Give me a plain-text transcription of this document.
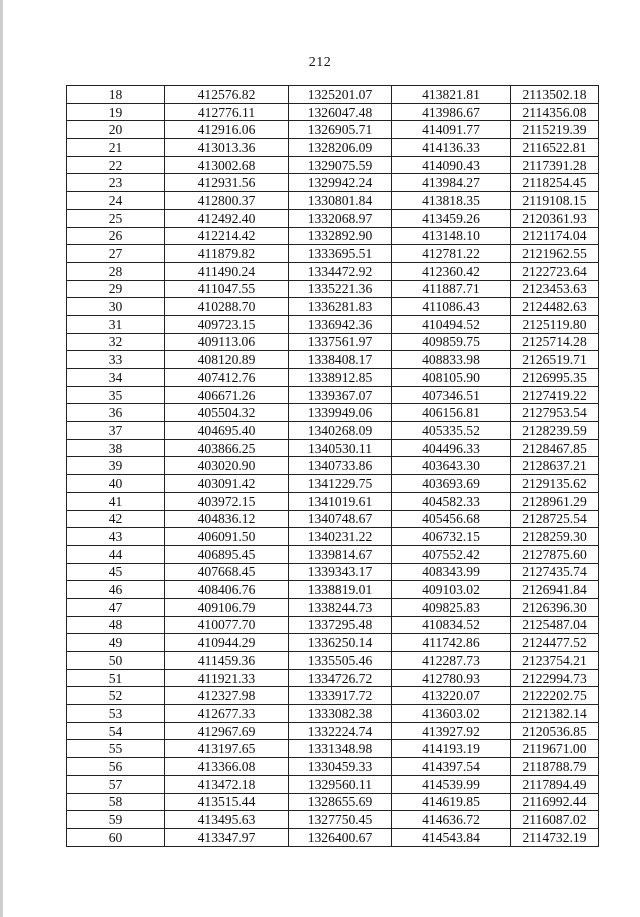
212
18	412576.82	1325201.07	413821.81	2113502.18
19	412776.11	1326047.48	413986.67	2114356.08
20	412916.06	1326905.71	414091.77	2115219.39
21	413013.36	1328206.09	414136.33	2116522.81
22	413002.68	1329075.59	414090.43	2117391.28
23	412931.56	1329942.24	413984.27	2118254.45
24	412800.37	1330801.84	413818.35	2119108.15
25	412492.40	1332068.97	413459.26	2120361.93
26	412214.42	1332892.90	413148.10	2121174.04
27	411879.82	1333695.51	412781.22	2121962.55
28	411490.24	1334472.92	412360.42	2122723.64
29	411047.55	1335221.36	411887.71	2123453.63
30	410288.70	1336281.83	411086.43	2124482.63
31	409723.15	1336942.36	410494.52	2125119.80
32	409113.06	1337561.97	409859.75	2125714.28
33	408120.89	1338408.17	408833.98	2126519.71
34	407412.76	1338912.85	408105.90	2126995.35
35	406671.26	1339367.07	407346.51	2127419.22
36	405504.32	1339949.06	406156.81	2127953.54
37	404695.40	1340268.09	405335.52	2128239.59
38	403866.25	1340530.11	404496.33	2128467.85
39	403020.90	1340733.86	403643.30	2128637.21
40	403091.42	1341229.75	403693.69	2129135.62
41	403972.15	1341019.61	404582.33	2128961.29
42	404836.12	1340748.67	405456.68	2128725.54
43	406091.50	1340231.22	406732.15	2128259.30
44	406895.45	1339814.67	407552.42	2127875.60
45	407668.45	1339343.17	408343.99	2127435.74
46	408406.76	1338819.01	409103.02	2126941.84
47	409106.79	1338244.73	409825.83	2126396.30
48	410077.70	1337295.48	410834.52	2125487.04
49	410944.29	1336250.14	411742.86	2124477.52
50	411459.36	1335505.46	412287.73	2123754.21
51	411921.33	1334726.72	412780.93	2122994.73
52	412327.98	1333917.72	413220.07	2122202.75
53	412677.33	1333082.38	413603.02	2121382.14
54	412967.69	1332224.74	413927.92	2120536.85
55	413197.65	1331348.98	414193.19	2119671.00
56	413366.08	1330459.33	414397.54	2118788.79
57	413472.18	1329560.11	414539.99	2117894.49
58	413515.44	1328655.69	414619.85	2116992.44
59	413495.63	1327750.45	414636.72	2116087.02
60	413347.97	1326400.67	414543.84	2114732.19
